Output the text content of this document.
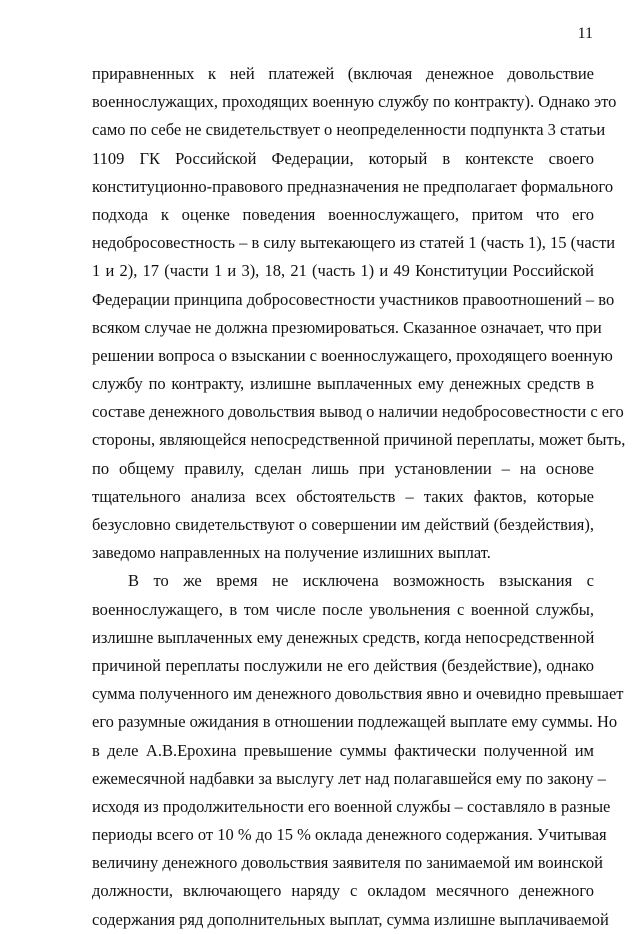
11
приравненных к ней платежей (включая денежное довольствие
военнослужащих, проходящих военную службу по контракту). Однако это
само по себе не свидетельствует о неопределенности подпункта 3 статьи
1109 ГК Российской Федерации, который в контексте своего
конституционно-правового предназначения не предполагает формального
подхода к оценке поведения военнослужащего, притом что его
недобросовестность – в силу вытекающего из статей 1 (часть 1), 15 (части
1 и 2), 17 (части 1 и 3), 18, 21 (часть 1) и 49 Конституции Российской
Федерации принципа добросовестности участников правоотношений – во
всяком случае не должна презюмироваться. Сказанное означает, что при
решении вопроса о взыскании с военнослужащего, проходящего военную
службу по контракту, излишне выплаченных ему денежных средств в
составе денежного довольствия вывод о наличии недобросовестности с его
стороны, являющейся непосредственной причиной переплаты, может быть,
по общему правилу, сделан лишь при установлении – на основе
тщательного анализа всех обстоятельств – таких фактов, которые
безусловно свидетельствуют о совершении им действий (бездействия),
заведомо направленных на получение излишних выплат.
В то же время не исключена возможность взыскания с
военнослужащего, в том числе после увольнения с военной службы,
излишне выплаченных ему денежных средств, когда непосредственной
причиной переплаты послужили не его действия (бездействие), однако
сумма полученного им денежного довольствия явно и очевидно превышает
его разумные ожидания в отношении подлежащей выплате ему суммы. Но
в деле А.В.Ерохина превышение суммы фактически полученной им
ежемесячной надбавки за выслугу лет над полагавшейся ему по закону –
исходя из продолжительности его военной службы – составляло в разные
периоды всего от 10 % до 15 % оклада денежного содержания. Учитывая
величину денежного довольствия заявителя по занимаемой им воинской
должности, включающего наряду с окладом месячного денежного
содержания ряд дополнительных выплат, сумма излишне выплачиваемой
